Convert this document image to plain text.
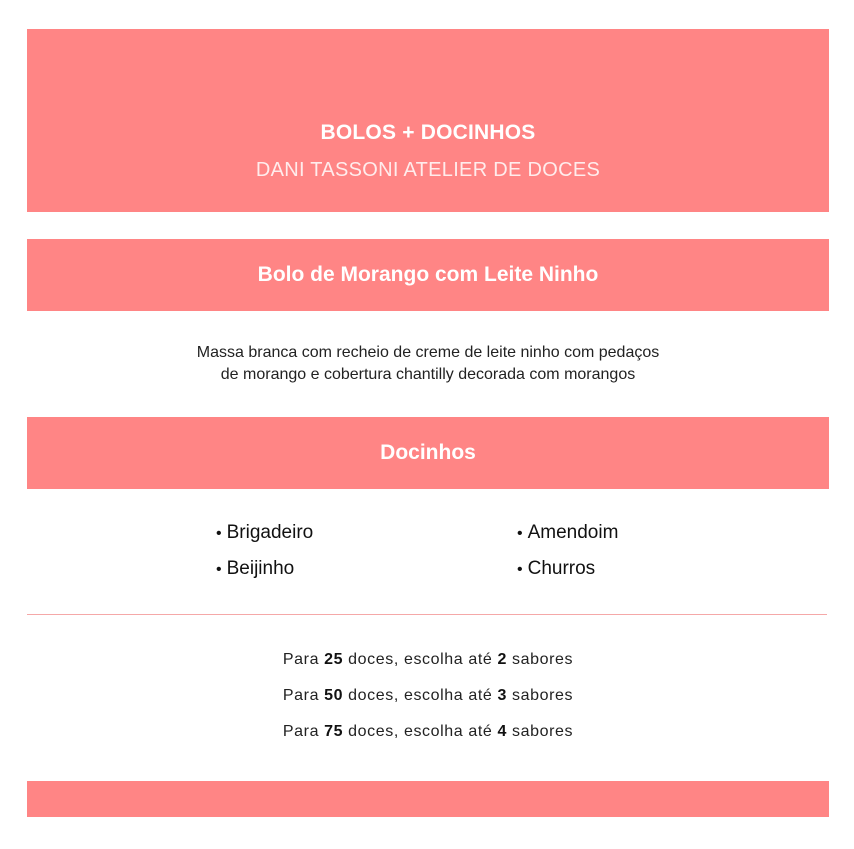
BOLOS + DOCINHOS
DANI TASSONI ATELIER DE DOCES
Bolo de Morango com Leite Ninho
Massa branca com recheio de creme de leite ninho com pedaços
de morango e cobertura chantilly decorada com morangos
Docinhos
• Brigadeiro
• Beijinho
• Amendoim
• Churros
Para 25 doces, escolha até 2 sabores
Para 50 doces, escolha até 3 sabores
Para 75 doces, escolha até 4 sabores
